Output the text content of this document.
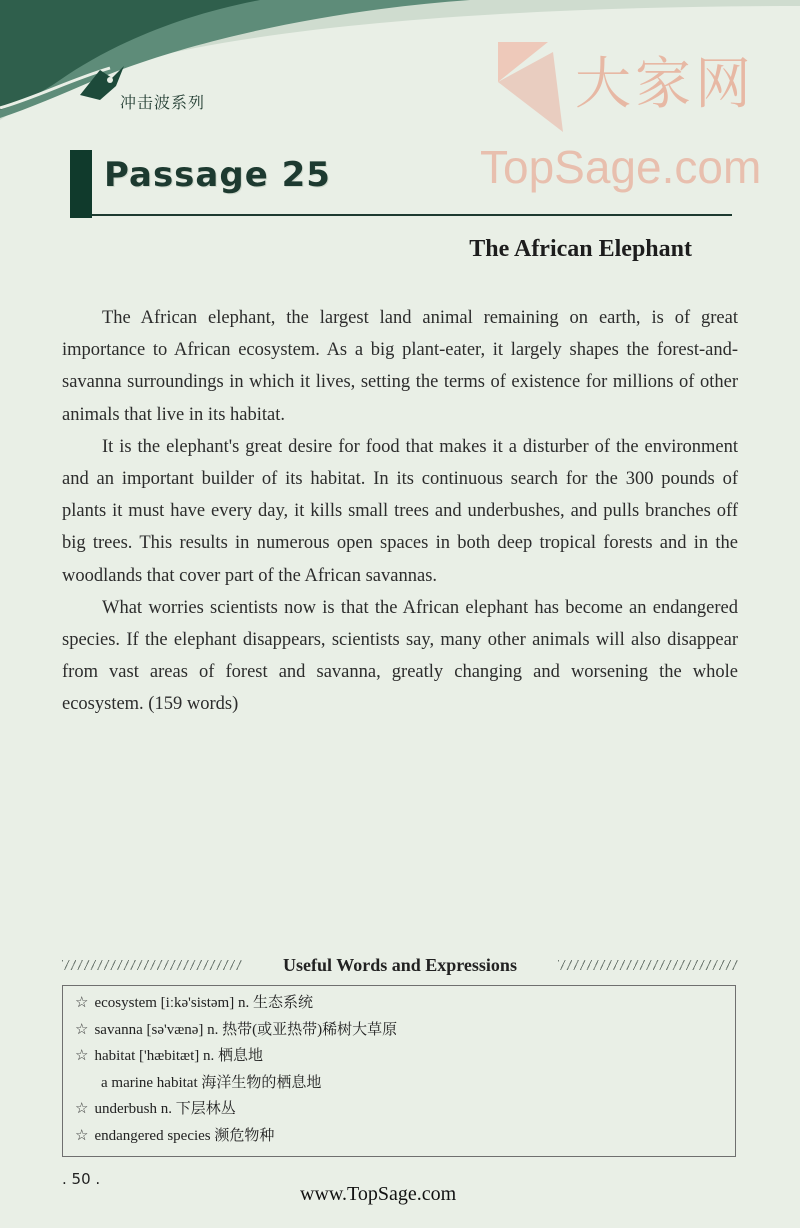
冲击波系列	大家网
TopSage.com
Passage 25
The African Elephant

The African elephant, the largest land animal remaining on earth, is of great importance to African ecosystem. As a big plant-eater, it largely shapes the forest-and-savanna surroundings in which it lives, setting the terms of existence for millions of other animals that live in its habitat.

It is the elephant's great desire for food that makes it a disturber of the environment and an important builder of its habitat. In its continuous search for the 300 pounds of plants it must have every day, it kills small trees and underbushes, and pulls branches off big trees. This results in numerous open spaces in both deep tropical forests and in the woodlands that cover part of the African savannas.

What worries scientists now is that the African elephant has become an endangered species. If the elephant disappears, scientists say, many other animals will also disappear from vast areas of forest and savanna, greatly changing and worsening the whole ecosystem. (159 words)

Useful Words and Expressions
☆ ecosystem [iːkə'sistəm] n. 生态系统
☆ savanna [sə'vænə] n. 热带(或亚热带)稀树大草原
☆ habitat ['hæbitæt] n. 栖息地
a marine habitat 海洋生物的栖息地
☆ underbush n. 下层林丛
☆ endangered species 濒危物种
. 50 .
www.TopSage.com
